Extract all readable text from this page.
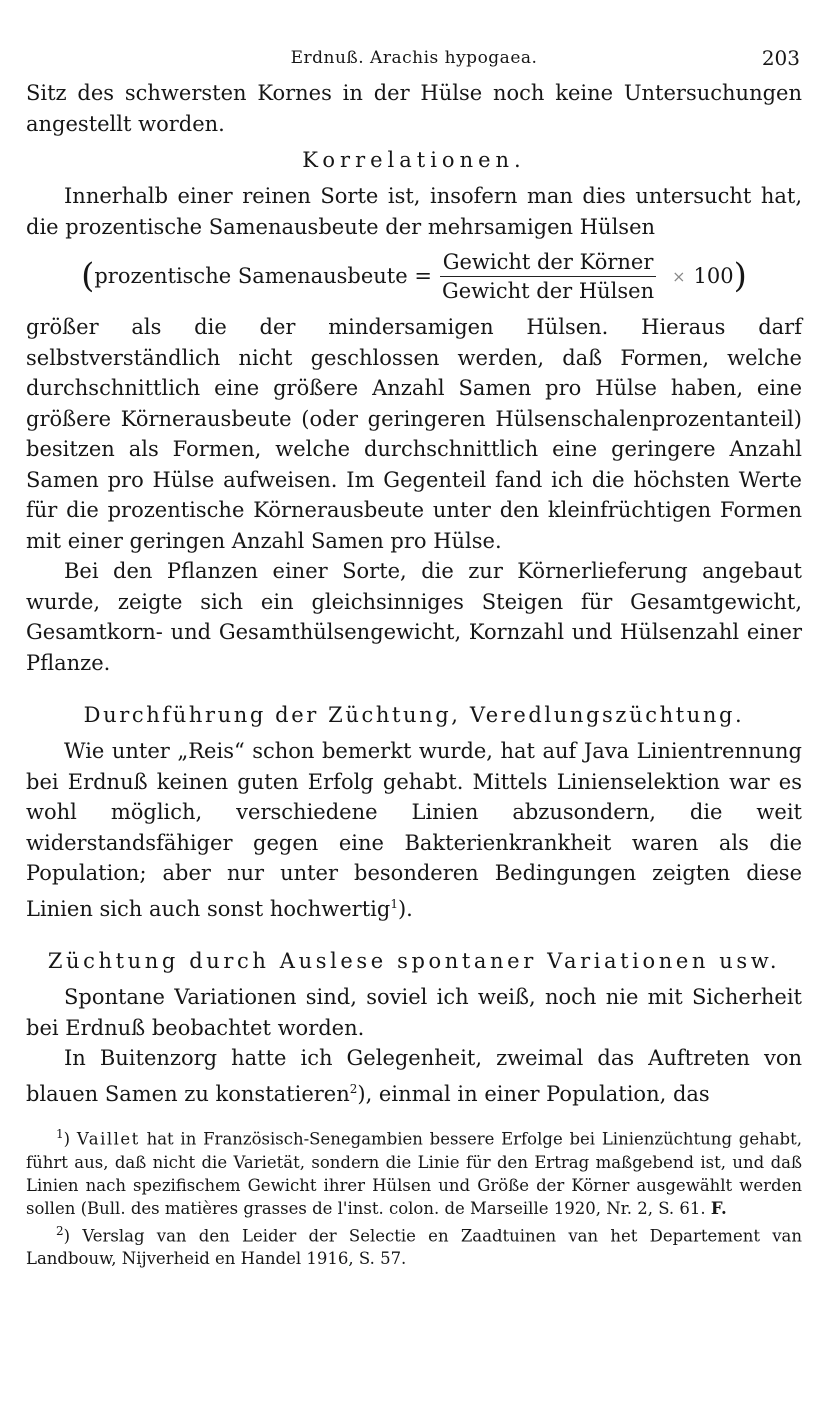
Erdnuß. Arachis hypogaea.	203

Sitz des schwersten Kornes in der Hülse noch keine Untersuchungen angestellt worden.

Korrelationen.

Innerhalb einer reinen Sorte ist, insofern man dies untersucht hat, die prozentische Samenausbeute der mehrsamigen Hülsen

( prozentische Samenausbeute = $\frac{\text{Gewicht der Körner}}{\text{Gewicht der Hülsen}} \times 100$ )

größer als die der mindersamigen Hülsen. Hieraus darf selbstverständlich nicht geschlossen werden, daß Formen, welche durchschnittlich eine größere Anzahl Samen pro Hülse haben, eine größere Körnerausbeute (oder geringeren Hülsenschalenprozentanteil) besitzen als Formen, welche durchschnittlich eine geringere Anzahl Samen pro Hülse aufweisen. Im Gegenteil fand ich die höchsten Werte für die prozentische Körnerausbeute unter den kleinfrüchtigen Formen mit einer geringen Anzahl Samen pro Hülse.

Bei den Pflanzen einer Sorte, die zur Körnerlieferung angebaut wurde, zeigte sich ein gleichsinniges Steigen für Gesamtgewicht, Gesamtkorn- und Gesamthülsengewicht, Kornzahl und Hülsenzahl einer Pflanze.

Durchführung der Züchtung, Veredlungszüchtung.

Wie unter „Reis“ schon bemerkt wurde, hat auf Java Linientrennung bei Erdnuß keinen guten Erfolg gehabt. Mittels Linienselektion war es wohl möglich, verschiedene Linien abzusondern, die weit widerstandsfähiger gegen eine Bakterienkrankheit waren als die Population; aber nur unter besonderen Bedingungen zeigten diese Linien sich auch sonst hochwertig$^1$).

Züchtung durch Auslese spontaner Variationen usw.

Spontane Variationen sind, soviel ich weiß, noch nie mit Sicherheit bei Erdnuß beobachtet worden.

In Buitenzorg hatte ich Gelegenheit, zweimal das Auftreten von blauen Samen zu konstatieren$^2$), einmal in einer Population, das

$^1$) Vaillet hat in Französisch-Senegambien bessere Erfolge bei Linienzüchtung gehabt, führt aus, daß nicht die Varietät, sondern die Linie für den Ertrag maßgebend ist, und daß Linien nach spezifischem Gewicht ihrer Hülsen und Größe der Körner ausgewählt werden sollen (Bull. des matières grasses de l'inst. colon. de Marseille 1920, Nr. 2, S. 61. F.

$^2$) Verslag van den Leider der Selectie en Zaadtuinen van het Departement van Landbouw, Nijverheid en Handel 1916, S. 57.
